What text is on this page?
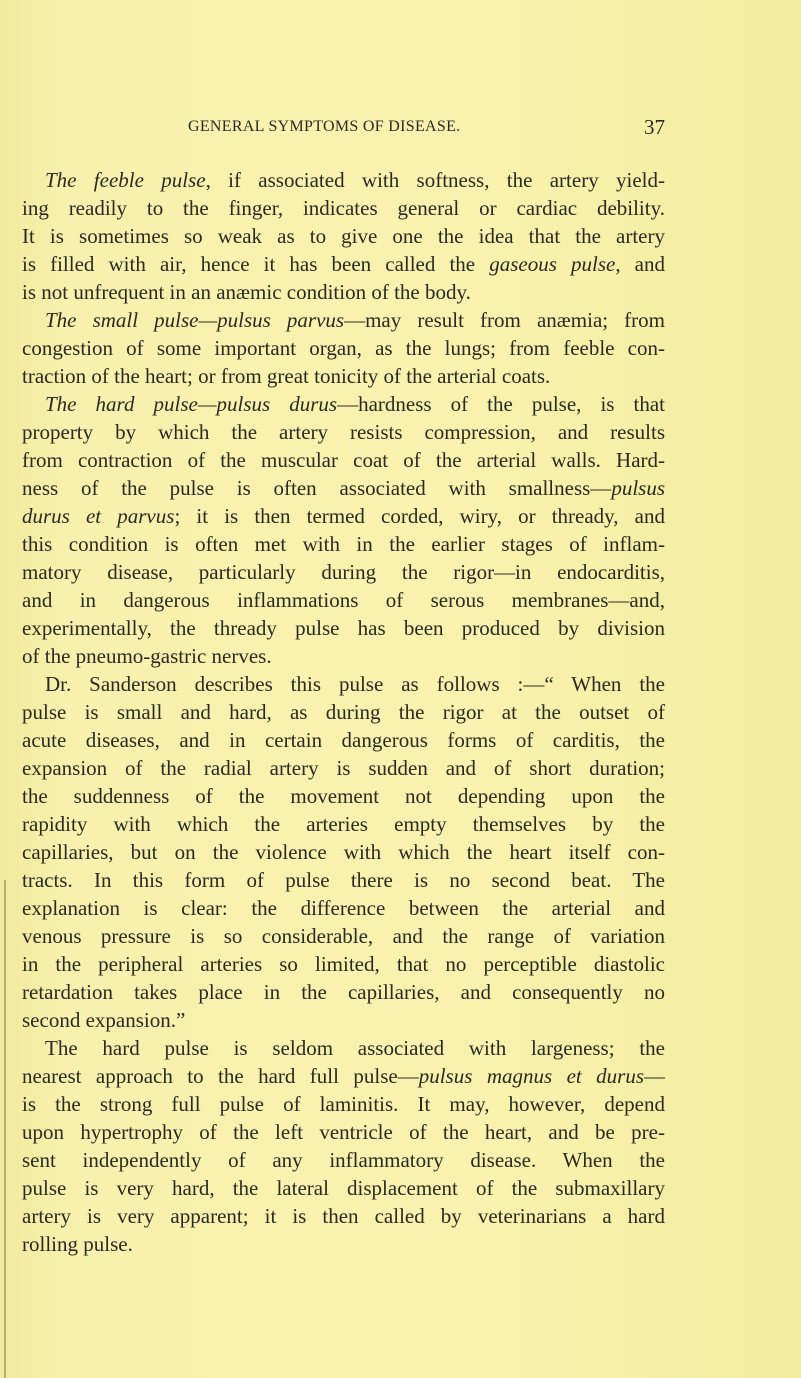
GENERAL SYMPTOMS OF DISEASE.	37
The feeble pulse, if associated with softness, the artery yield-
ing readily to the finger, indicates general or cardiac debility.
It is sometimes so weak as to give one the idea that the artery
is filled with air, hence it has been called the gaseous pulse, and
is not unfrequent in an anæmic condition of the body.
The small pulse—pulsus parvus—may result from anæmia; from
congestion of some important organ, as the lungs; from feeble con-
traction of the heart; or from great tonicity of the arterial coats.
The hard pulse—pulsus durus—hardness of the pulse, is that
property by which the artery resists compression, and results
from contraction of the muscular coat of the arterial walls. Hard-
ness of the pulse is often associated with smallness—pulsus
durus et parvus; it is then termed corded, wiry, or thready, and
this condition is often met with in the earlier stages of inflam-
matory disease, particularly during the rigor—in endocarditis,
and in dangerous inflammations of serous membranes—and,
experimentally, the thready pulse has been produced by division
of the pneumo-gastric nerves.
Dr. Sanderson describes this pulse as follows :—“ When the
pulse is small and hard, as during the rigor at the outset of
acute diseases, and in certain dangerous forms of carditis, the
expansion of the radial artery is sudden and of short duration;
the suddenness of the movement not depending upon the
rapidity with which the arteries empty themselves by the
capillaries, but on the violence with which the heart itself con-
tracts. In this form of pulse there is no second beat. The
explanation is clear: the difference between the arterial and
venous pressure is so considerable, and the range of variation
in the peripheral arteries so limited, that no perceptible diastolic
retardation takes place in the capillaries, and consequently no
second expansion.”
The hard pulse is seldom associated with largeness; the
nearest approach to the hard full pulse—pulsus magnus et durus—
is the strong full pulse of laminitis. It may, however, depend
upon hypertrophy of the left ventricle of the heart, and be pre-
sent independently of any inflammatory disease. When the
pulse is very hard, the lateral displacement of the submaxillary
artery is very apparent; it is then called by veterinarians a hard
rolling pulse.
